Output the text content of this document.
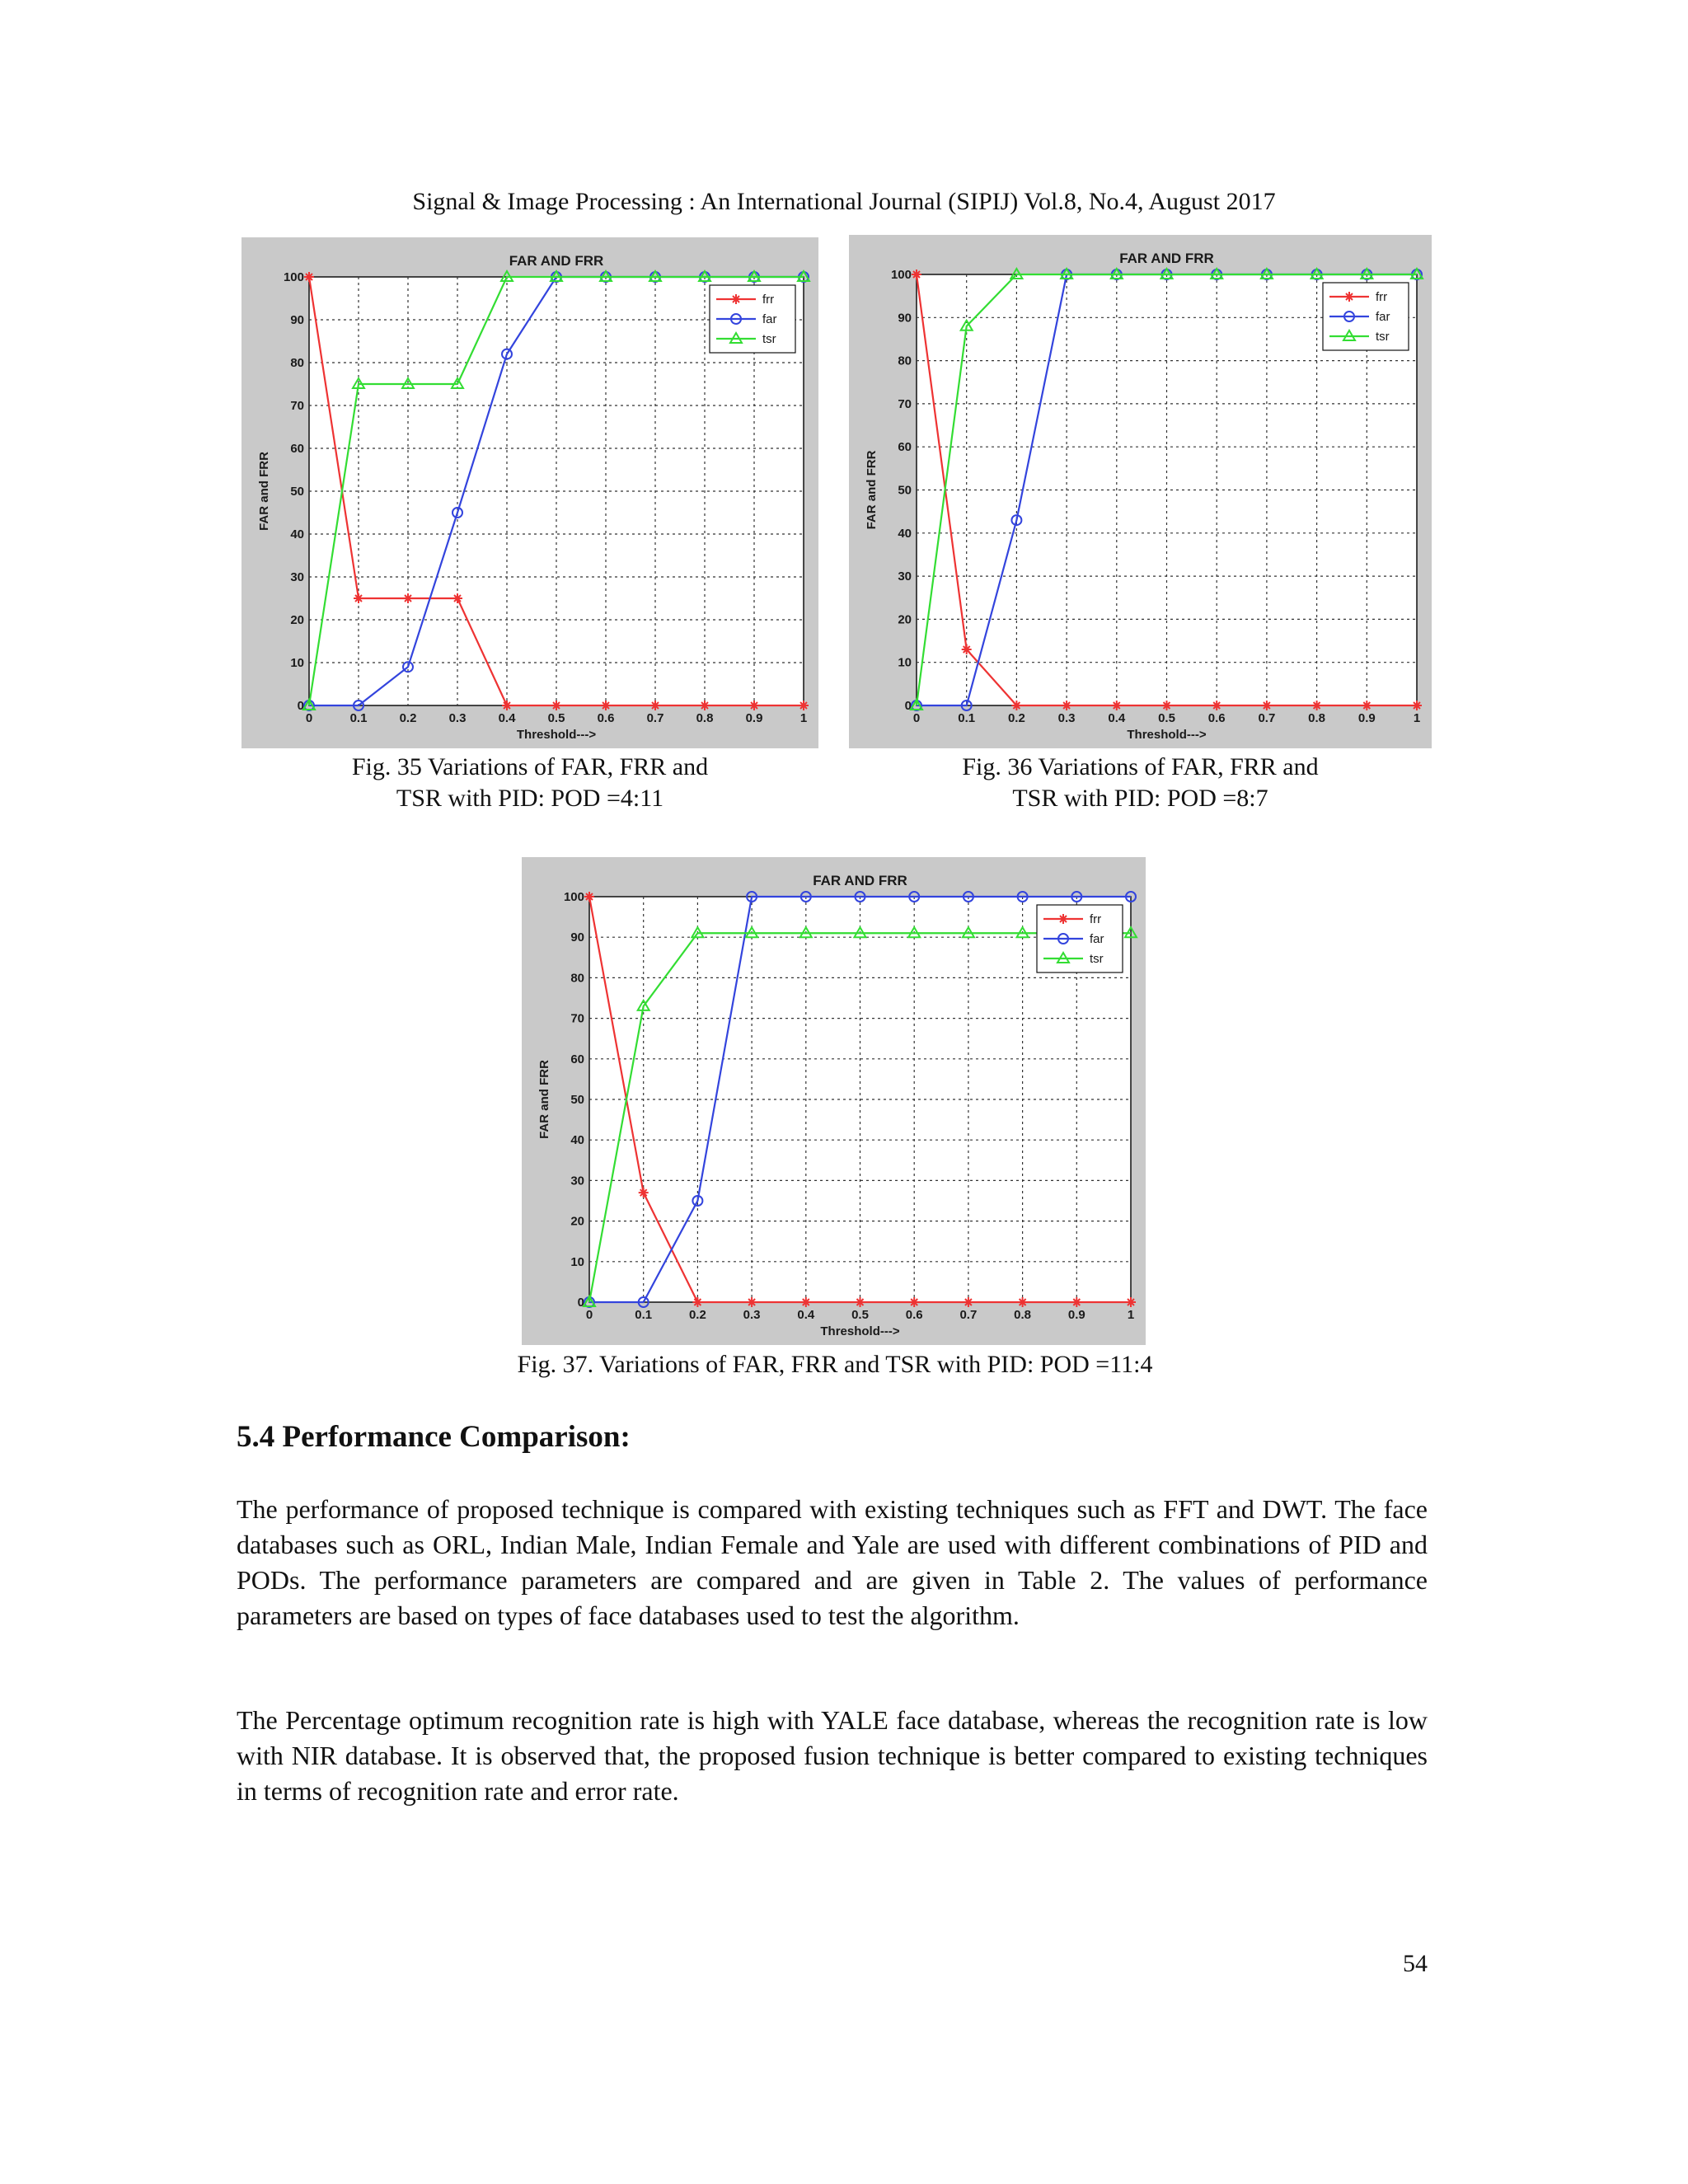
Signal & Image Processing : An International Journal (SIPIJ) Vol.8, No.4, August 2017
0	0.1	0.2	0.3	0.4	0.5	0.6	0.7	0.8	0.9	1
0
10
20
30
40
50
60
70
80
90
100
FAR AND FRR
Threshold--->
FAR and FRR
frr
far
tsr
0	0.1	0.2	0.3	0.4	0.5	0.6	0.7	0.8	0.9	1
0
10
20
30
40
50
60
70
80
90
100
FAR AND FRR
Threshold--->
FAR and FRR
frr
far
tsr
Fig. 35 Variations of FAR, FRR and
TSR with PID: POD =4:11
Fig. 36 Variations of FAR, FRR and
TSR with PID: POD =8:7
0	0.1	0.2	0.3	0.4	0.5	0.6	0.7	0.8	0.9	1
0
10
20
30
40
50
60
70
80
90
100
FAR AND FRR
Threshold--->
FAR and FRR
frr
far
tsr
Fig. 37. Variations of FAR, FRR and TSR with PID: POD =11:4
5.4 Performance Comparison:

The performance of proposed technique is compared with existing techniques such as FFT and DWT. The face databases such as ORL, Indian Male, Indian Female and Yale are used with different combinations of PID and PODs. The performance parameters are compared and are given in Table 2. The values of performance parameters are based on types of face databases used to test the algorithm.

The Percentage optimum recognition rate is high with YALE face database, whereas the recognition rate is low with NIR database. It is observed that, the proposed fusion technique is better compared to existing techniques in terms of recognition rate and error rate.

54
